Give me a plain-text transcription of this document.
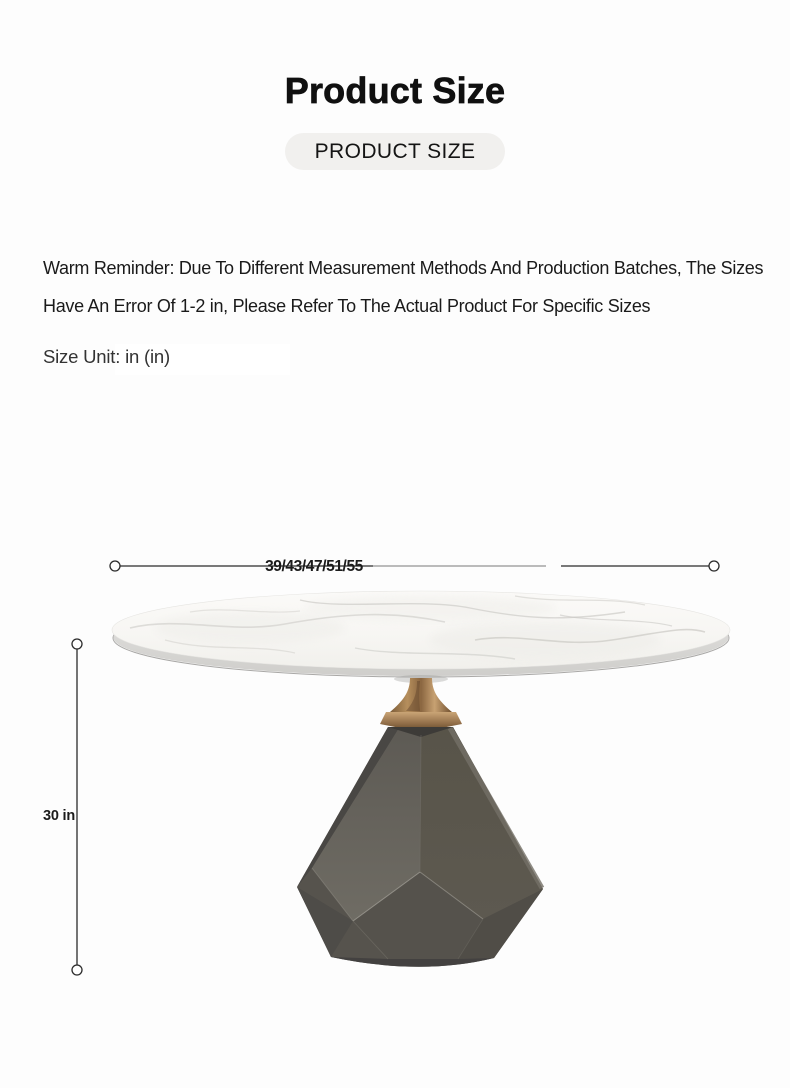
Product Size
PRODUCT SIZE
Warm Reminder: Due To Different Measurement Methods And Production Batches, The Sizes
Have An Error Of 1-2 in, Please Refer To The Actual Product For Specific Sizes
Size Unit: in (in)
39/43/47/51/55
30 in
